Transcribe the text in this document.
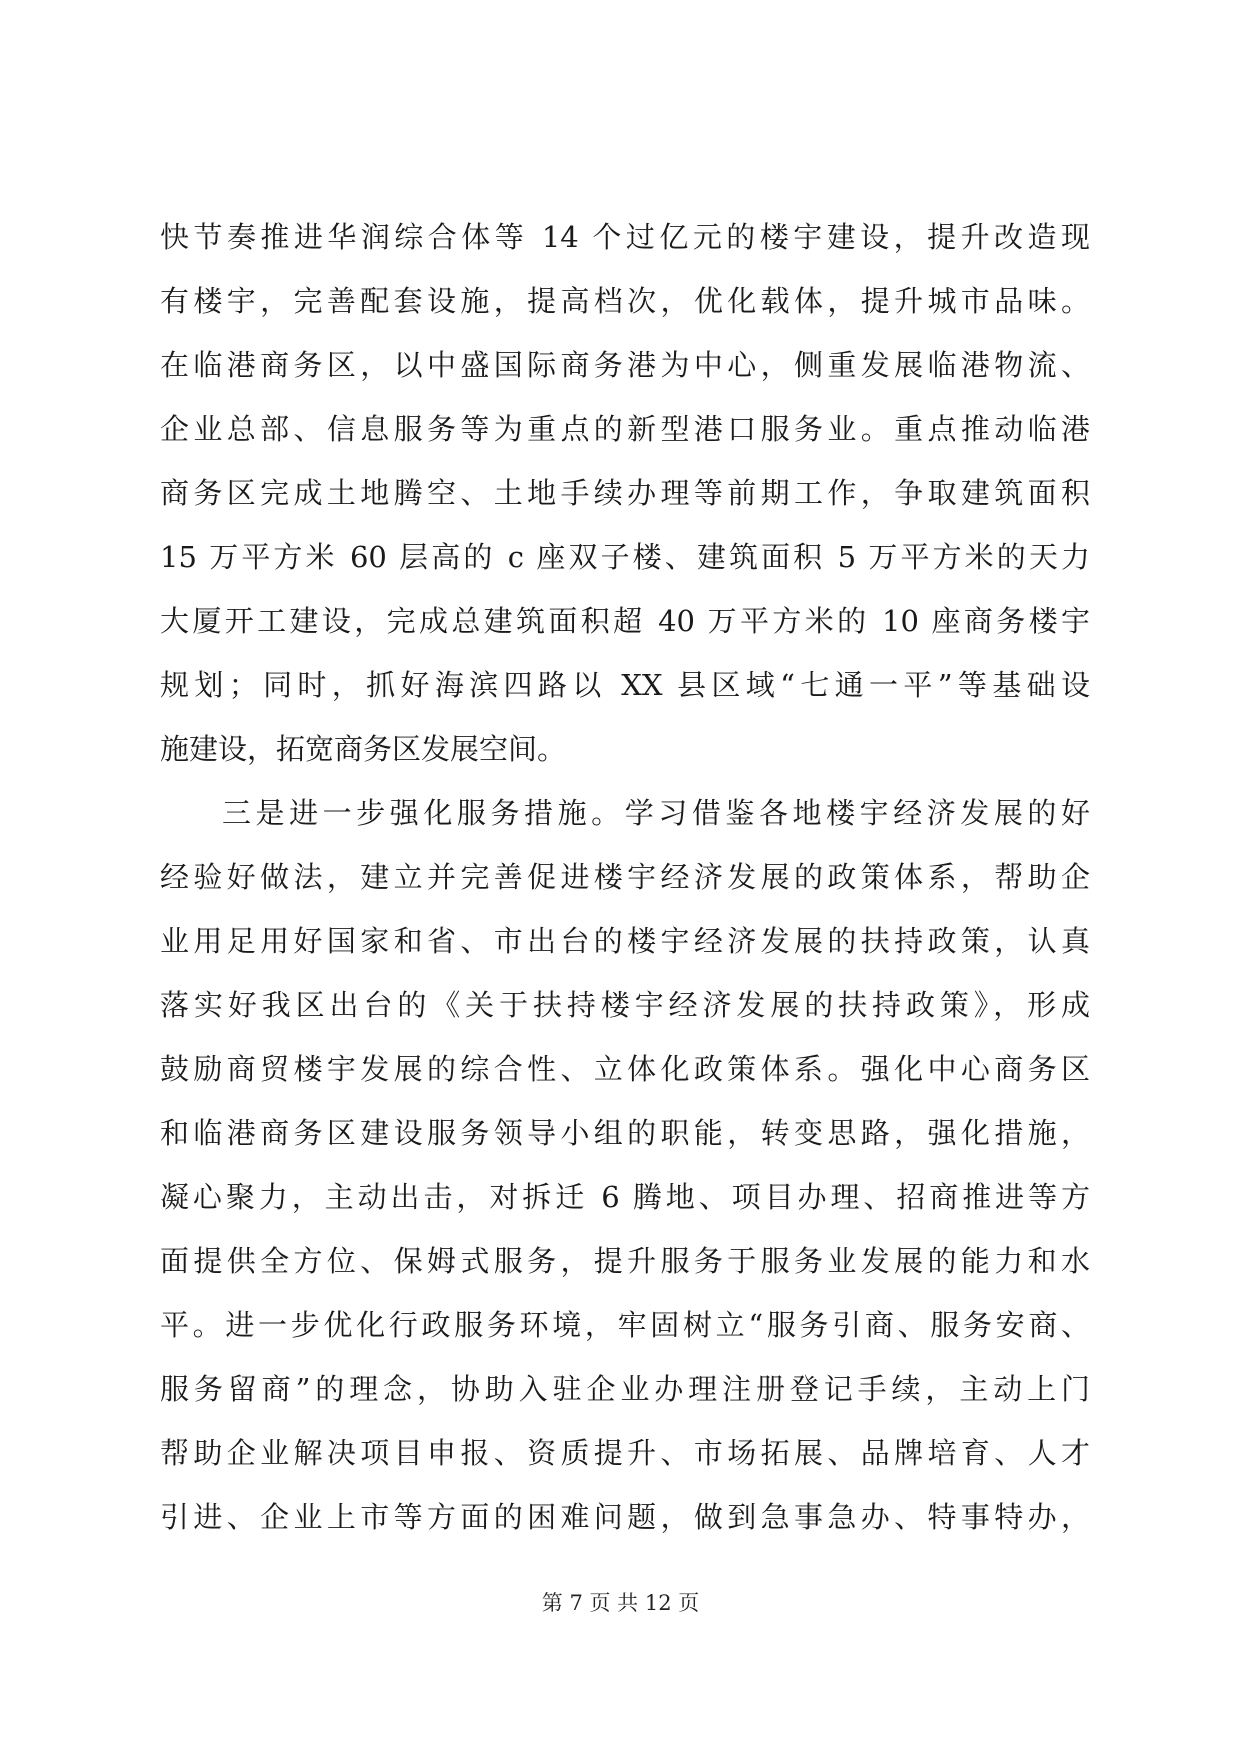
快节奏推进华润综合体等 14 个过亿元的楼宇建设，提升改造现
有楼宇，完善配套设施，提高档次，优化载体，提升城市品味。
在临港商务区，以中盛国际商务港为中心，侧重发展临港物流、
企业总部、信息服务等为重点的新型港口服务业。重点推动临港
商务区完成土地腾空、土地手续办理等前期工作，争取建筑面积
15 万平方米 60 层高的 c 座双子楼、建筑面积 5 万平方米的天力
大厦开工建设，完成总建筑面积超 40 万平方米的 10 座商务楼宇
规划；同时，抓好海滨四路以 XX 县区域“七通一平”等基础设
施建设，拓宽商务区发展空间。
三是进一步强化服务措施。学习借鉴各地楼宇经济发展的好
经验好做法，建立并完善促进楼宇经济发展的政策体系，帮助企
业用足用好国家和省、市出台的楼宇经济发展的扶持政策，认真
落实好我区出台的《关于扶持楼宇经济发展的扶持政策》，形成
鼓励商贸楼宇发展的综合性、立体化政策体系。强化中心商务区
和临港商务区建设服务领导小组的职能，转变思路，强化措施，
凝心聚力，主动出击，对拆迁 6 腾地、项目办理、招商推进等方
面提供全方位、保姆式服务，提升服务于服务业发展的能力和水
平。进一步优化行政服务环境，牢固树立“服务引商、服务安商、
服务留商”的理念，协助入驻企业办理注册登记手续，主动上门
帮助企业解决项目申报、资质提升、市场拓展、品牌培育、人才
引进、企业上市等方面的困难问题，做到急事急办、特事特办，
第 7 页 共 12 页
